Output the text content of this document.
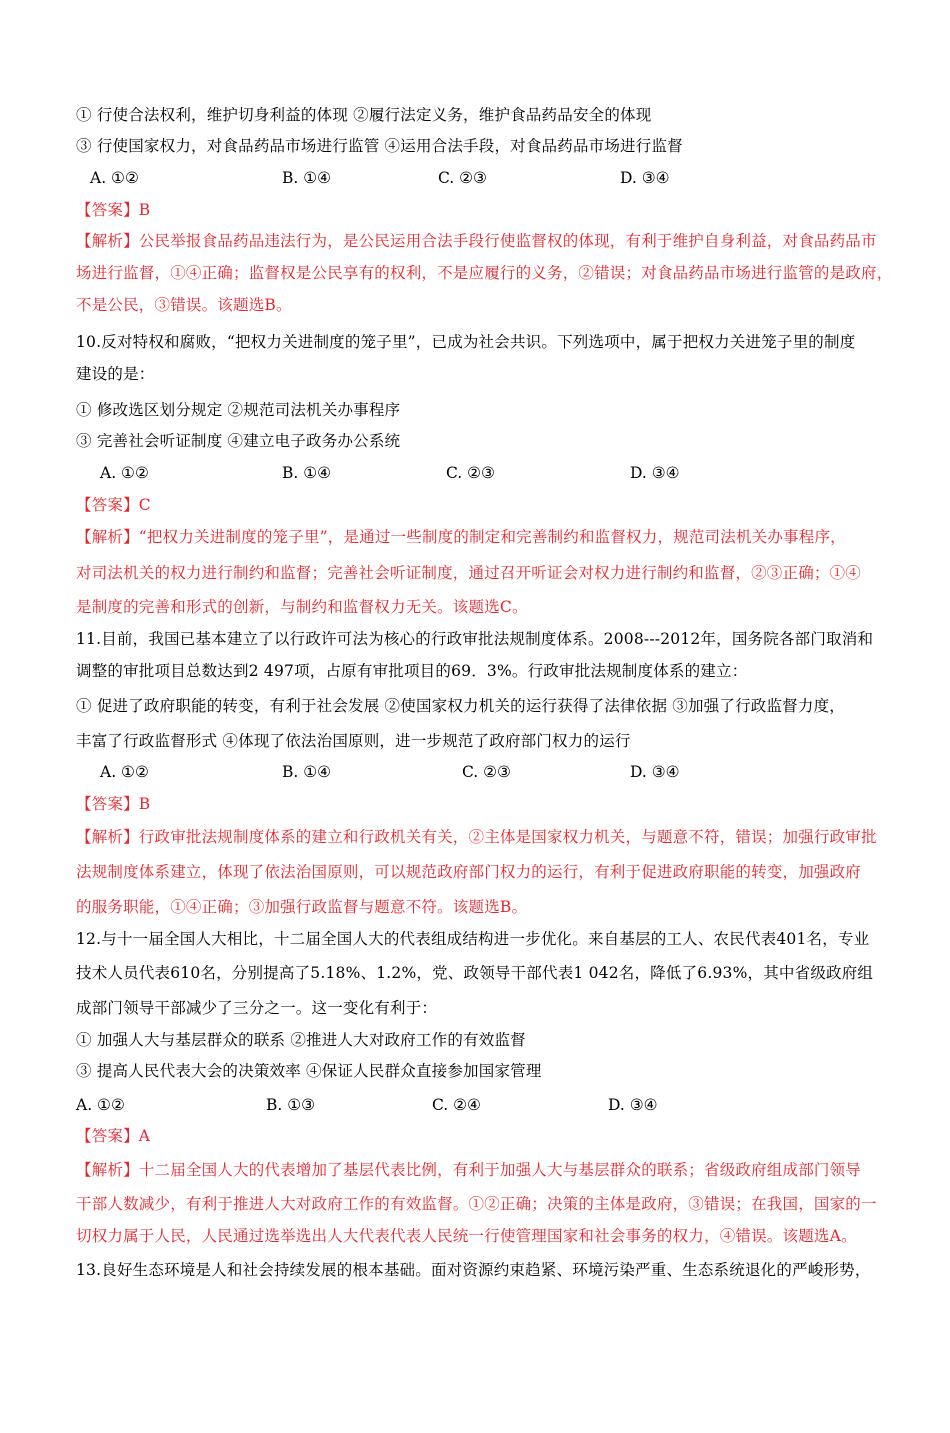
① 行使合法权利，维护切身利益的体现 ②履行法定义务，维护食品药品安全的体现
③ 行使国家权力，对食品药品市场进行监管 ④运用合法手段，对食品药品市场进行监督
A. ①②	B. ①④	C. ②③	D. ③④
【答案】B
【解析】公民举报食品药品违法行为，是公民运用合法手段行使监督权的体现，有利于维护自身利益，对食品药品市
场进行监督，①④正确；监督权是公民享有的权利，不是应履行的义务，②错误；对食品药品市场进行监管的是政府，
不是公民，③错误。该题选B。
10.反对特权和腐败，“把权力关进制度的笼子里”，已成为社会共识。下列选项中，属于把权力关进笼子里的制度
建设的是：
① 修改选区划分规定 ②规范司法机关办事程序
③ 完善社会听证制度 ④建立电子政务办公系统
A. ①②	B. ①④	C. ②③	D. ③④
【答案】C
【解析】“把权力关进制度的笼子里”，是通过一些制度的制定和完善制约和监督权力，规范司法机关办事程序，
对司法机关的权力进行制约和监督；完善社会听证制度，通过召开听证会对权力进行制约和监督，②③正确；①④
是制度的完善和形式的创新，与制约和监督权力无关。该题选C。
11.目前，我国已基本建立了以行政许可法为核心的行政审批法规制度体系。2008---2012年，国务院各部门取消和
调整的审批项目总数达到2 497项，占原有审批项目的69．3%。行政审批法规制度体系的建立：
① 促进了政府职能的转变，有利于社会发展 ②使国家权力机关的运行获得了法律依据 ③加强了行政监督力度，
丰富了行政监督形式 ④体现了依法治国原则，进一步规范了政府部门权力的运行
A. ①②	B. ①④	C. ②③	D. ③④
【答案】B
【解析】行政审批法规制度体系的建立和行政机关有关，②主体是国家权力机关，与题意不符，错误；加强行政审批
法规制度体系建立，体现了依法治国原则，可以规范政府部门权力的运行，有利于促进政府职能的转变，加强政府
的服务职能，①④正确；③加强行政监督与题意不符。该题选B。
12.与十一届全国人大相比，十二届全国人大的代表组成结构进一步优化。来自基层的工人、农民代表401名，专业
技术人员代表610名，分别提高了5.18%、1.2%，党、政领导干部代表1 042名，降低了6.93%，其中省级政府组
成部门领导干部减少了三分之一。这一变化有利于：
① 加强人大与基层群众的联系 ②推进人大对政府工作的有效监督
③ 提高人民代表大会的决策效率 ④保证人民群众直接参加国家管理
A. ①②	B. ①③	C. ②④	D. ③④
【答案】A
【解析】十二届全国人大的代表增加了基层代表比例，有利于加强人大与基层群众的联系；省级政府组成部门领导
干部人数减少，有利于推进人大对政府工作的有效监督。①②正确；决策的主体是政府，③错误；在我国，国家的一
切权力属于人民，人民通过选举选出人大代表代表人民统一行使管理国家和社会事务的权力，④错误。该题选A。
13.良好生态环境是人和社会持续发展的根本基础。面对资源约束趋紧、环境污染严重、生态系统退化的严峻形势，
